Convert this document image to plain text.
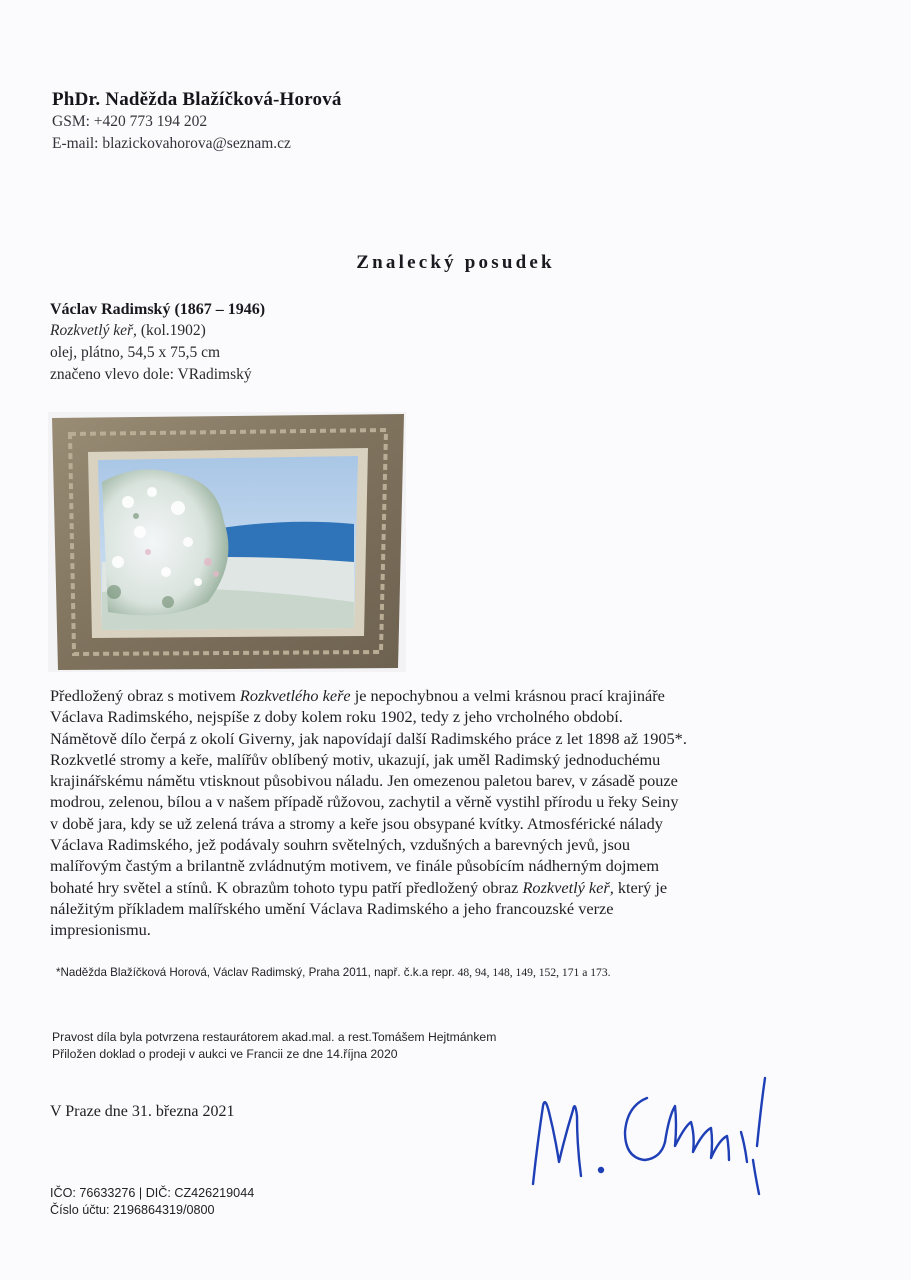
PhDr. Naděžda Blažíčková-Horová
GSM: +420 773 194 202
E-mail: blazickovahorova@seznam.cz
Znalecký posudek
Václav Radimský (1867 – 1946)
Rozkvetlý keř, (kol.1902)
olej, plátno, 54,5 x 75,5 cm
značeno vlevo dole: VRadimský
Předložený obraz s motivem Rozkvetlého keře je nepochybnou a velmi krásnou prací krajináře
Václava Radimského, nejspíše z doby kolem roku 1902, tedy z jeho vrcholného období.
Námětově dílo čerpá z okolí Giverny, jak napovídají další Radimského práce z let 1898 až 1905*.
Rozkvetlé stromy a keře, malířův oblíbený motiv, ukazují, jak uměl Radimský jednoduchému
krajinářskému námětu vtisknout působivou náladu. Jen omezenou paletou barev, v zásadě pouze
modrou, zelenou, bílou a v našem případě růžovou, zachytil a věrně vystihl přírodu u řeky Seiny
v době jara, kdy se už zelená tráva a stromy a keře jsou obsypané kvítky. Atmosférické nálady
Václava Radimského, jež podávaly souhrn světelných, vzdušných a barevných jevů, jsou
malířovým častým a brilantně zvládnutým motivem, ve finále působícím nádherným dojmem
bohaté hry světel a stínů. K obrazům tohoto typu patří předložený obraz Rozkvetlý keř, který je
náležitým příkladem malířského umění Václava Radimského a jeho francouzské verze
impresionismu.
*Naděžda Blažíčková Horová, Václav Radimský, Praha 2011, např. č.k.a repr. 48, 94, 148, 149, 152, 171 a 173.
Pravost díla byla potvrzena restaurátorem akad.mal. a rest.Tomášem Hejtmánkem
Přiložen doklad o prodeji v aukci ve Francii ze dne 14.října 2020
V Praze dne 31. března 2021
IČO: 76633276 | DIČ: CZ426219044
Číslo účtu: 2196864319/0800
